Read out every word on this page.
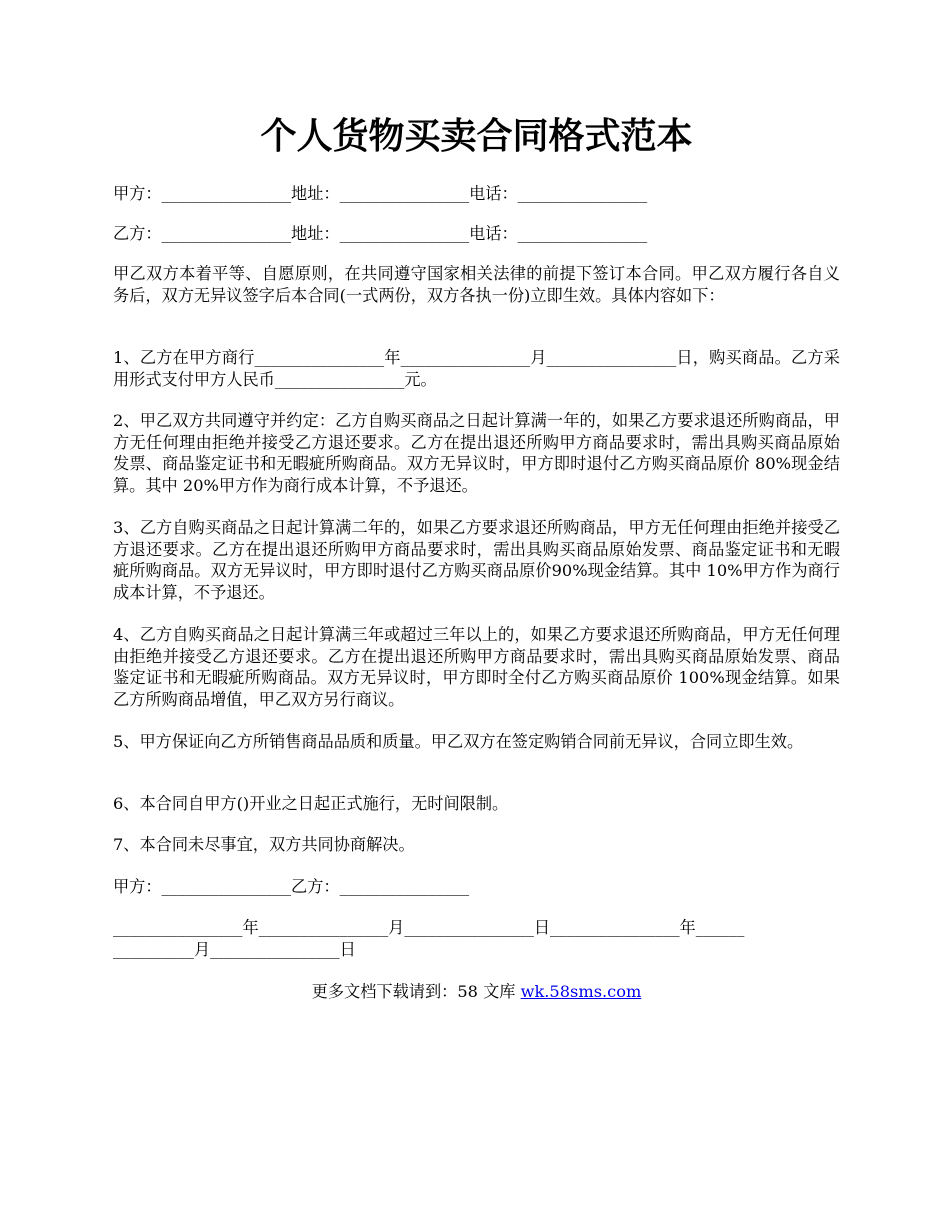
个人货物买卖合同格式范本
甲方：________________地址：________________电话：________________
乙方：________________地址：________________电话：________________
甲乙双方本着平等、自愿原则，在共同遵守国家相关法律的前提下签订本合同。甲乙双方履行各自义务后，双方无异议签字后本合同(一式两份，双方各执一份)立即生效。具体内容如下：
1、乙方在甲方商行________________年________________月________________日，购买商品。乙方采用形式支付甲方人民币________________元。
2、甲乙双方共同遵守并约定：乙方自购买商品之日起计算满一年的，如果乙方要求退还所购商品，甲方无任何理由拒绝并接受乙方退还要求。乙方在提出退还所购甲方商品要求时，需出具购买商品原始发票、商品鉴定证书和无暇疵所购商品。双方无异议时，甲方即时退付乙方购买商品原价 80%现金结算。其中 20%甲方作为商行成本计算，不予退还。
3、乙方自购买商品之日起计算满二年的，如果乙方要求退还所购商品，甲方无任何理由拒绝并接受乙方退还要求。乙方在提出退还所购甲方商品要求时，需出具购买商品原始发票、商品鉴定证书和无暇疵所购商品。双方无异议时，甲方即时退付乙方购买商品原价90%现金结算。其中 10%甲方作为商行成本计算，不予退还。
4、乙方自购买商品之日起计算满三年或超过三年以上的，如果乙方要求退还所购商品，甲方无任何理由拒绝并接受乙方退还要求。乙方在提出退还所购甲方商品要求时，需出具购买商品原始发票、商品鉴定证书和无暇疵所购商品。双方无异议时，甲方即时全付乙方购买商品原价 100%现金结算。如果乙方所购商品增值，甲乙双方另行商议。
5、甲方保证向乙方所销售商品品质和质量。甲乙双方在签定购销合同前无异议，合同立即生效。
6、本合同自甲方()开业之日起正式施行，无时间限制。
7、本合同未尽事宜，双方共同协商解决。
甲方：________________乙方：________________
________________年________________月________________日________________年______
__________月________________日
更多文档下载请到：58 文库 wk.58sms.com
